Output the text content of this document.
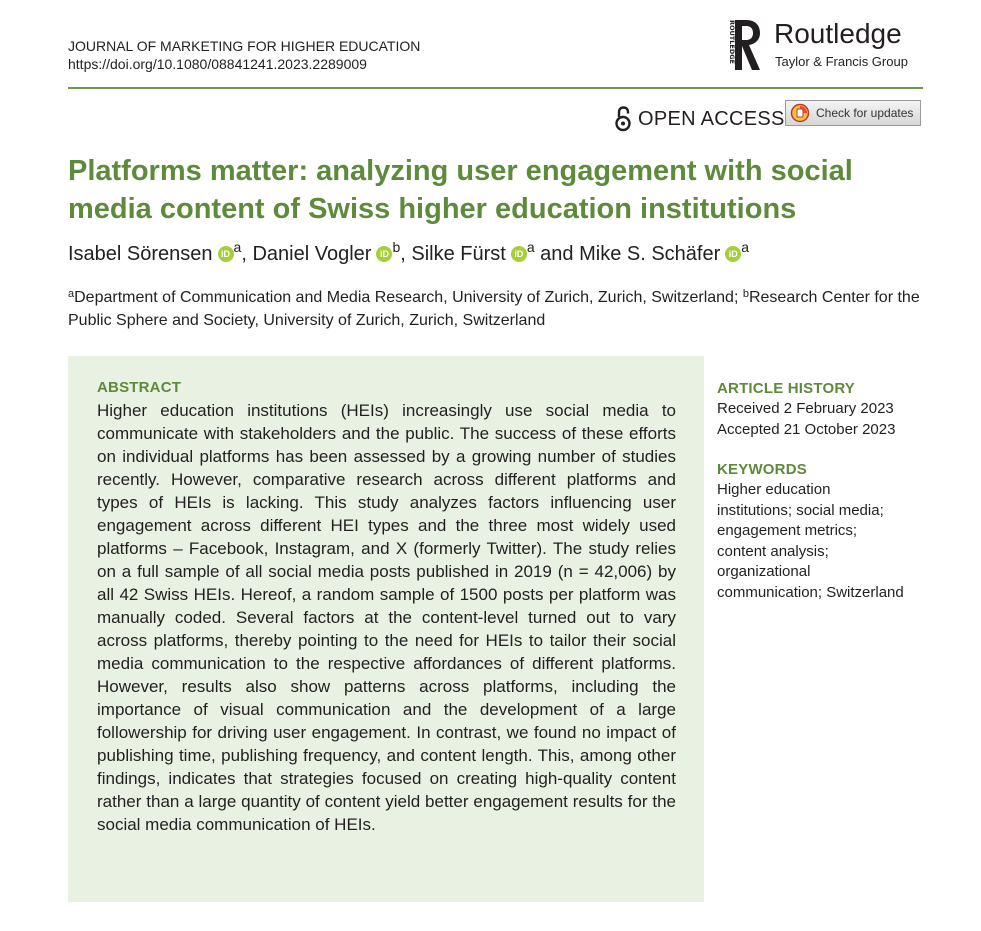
JOURNAL OF MARKETING FOR HIGHER EDUCATION
https://doi.org/10.1080/08841241.2023.2289009	ROUTLEDGE Routledge
Taylor & Francis Group
OPEN ACCESS	Check for updates
Platforms matter: analyzing user engagement with social media content of Swiss higher education institutions
Isabel Sörensen iD $^a$, Daniel Vogler iD $^b$, Silke Fürst iD $^a$ and Mike S. Schäfer iD $^a$
$^a$Department of Communication and Media Research, University of Zurich, Zurich, Switzerland; $^b$Research Center for the Public Sphere and Society, University of Zurich, Zurich, Switzerland
ABSTRACT
Higher education institutions (HEIs) increasingly use social media to communicate with stakeholders and the public. The success of these efforts on individual platforms has been assessed by a growing number of studies recently. However, comparative research across different platforms and types of HEIs is lacking. This study analyzes factors influencing user engagement across different HEI types and the three most widely used platforms – Facebook, Instagram, and X (formerly Twitter). The study relies on a full sample of all social media posts published in 2019 (n = 42,006) by all 42 Swiss HEIs. Hereof, a random sample of 1500 posts per platform was manually coded. Several factors at the content-level turned out to vary across platforms, thereby pointing to the need for HEIs to tailor their social media communication to the respective affordances of different platforms. However, results also show patterns across platforms, including the importance of visual communication and the development of a large followership for driving user engagement. In contrast, we found no impact of publishing time, publishing frequency, and content length. This, among other findings, indicates that strategies focused on creating high-quality content rather than a large quantity of content yield better engagement results for the social media communication of HEIs.
ARTICLE HISTORY
Received 2 February 2023
Accepted 21 October 2023
KEYWORDS
Higher education
institutions; social media;
engagement metrics;
content analysis;
organizational
communication; Switzerland
